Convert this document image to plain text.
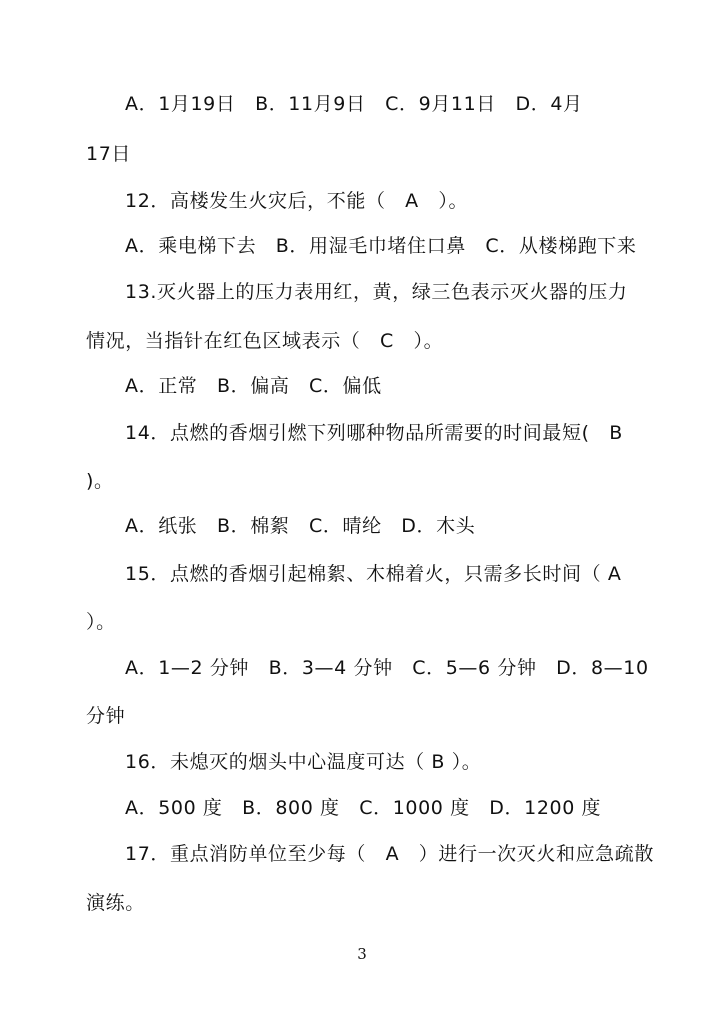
A．1月19日　B．11月9日　C．9月11日　D．4月
17日
12．高楼发生火灾后，不能（　A　）。
A．乘电梯下去　B．用湿毛巾堵住口鼻　C．从楼梯跑下来
13.灭火器上的压力表用红，黄，绿三色表示灭火器的压力
情况，当指针在红色区域表示（　C　）。
A．正常　B．偏高　C．偏低
14．点燃的香烟引燃下列哪种物品所需要的时间最短(　B
)。
A．纸张　B．棉絮　C．晴纶　D．木头
15．点燃的香烟引起棉絮、木棉着火，只需多长时间（ A
）。
A．1—2 分钟　B．3—4 分钟　C．5—6 分钟　D．8—10
分钟
16．未熄灭的烟头中心温度可达（ B ）。
A．500 度　B．800 度　C．1000 度　D．1200 度
17．重点消防单位至少每（　A　）进行一次灭火和应急疏散
演练。
3
